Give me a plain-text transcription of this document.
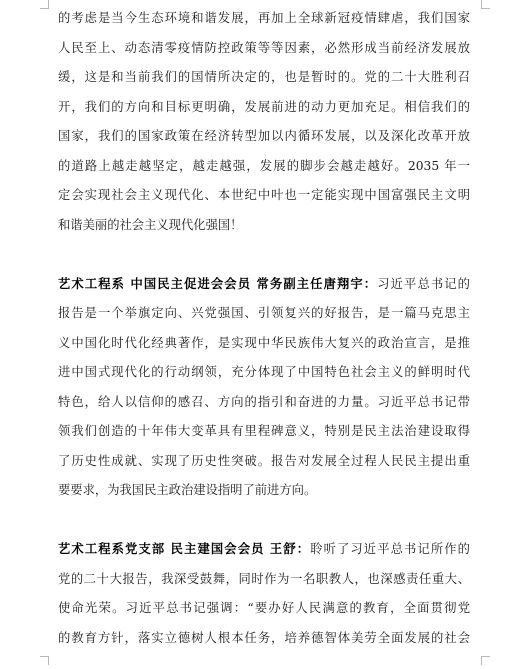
的考虑是当今生态环境和谐发展，再加上全球新冠疫情肆虐，我们国家
人民至上、动态清零疫情防控政策等等因素，必然形成当前经济发展放
缓，这是和当前我们的国情所决定的，也是暂时的。党的二十大胜利召
开，我们的方向和目标更明确，发展前进的动力更加充足。相信我们的
国家，我们的国家政策在经济转型加以内循环发展，以及深化改革开放
的道路上越走越坚定，越走越强，发展的脚步会越走越好。2035 年一
定会实现社会主义现代化、本世纪中叶也一定能实现中国富强民主文明
和谐美丽的社会主义现代化强国！
艺术工程系 中国民主促进会会员 常务副主任唐翔宇：习近平总书记的
报告是一个举旗定向、兴党强国、引领复兴的好报告，是一篇马克思主
义中国化时代化经典著作，是实现中华民族伟大复兴的政治宣言，是推
进中国式现代化的行动纲领，充分体现了中国特色社会主义的鲜明时代
特色，给人以信仰的感召、方向的指引和奋进的力量。习近平总书记带
领我们创造的十年伟大变革具有里程碑意义，特别是民主法治建设取得
了历史性成就、实现了历史性突破。报告对发展全过程人民民主提出重
要要求，为我国民主政治建设指明了前进方向。
艺术工程系党支部 民主建国会会员 王舒：聆听了习近平总书记所作的
党的二十大报告，我深受鼓舞，同时作为一名职教人，也深感责任重大、
使命光荣。习近平总书记强调：“要办好人民满意的教育，全面贯彻党
的教育方针，落实立德树人根本任务，培养德智体美劳全面发展的社会
